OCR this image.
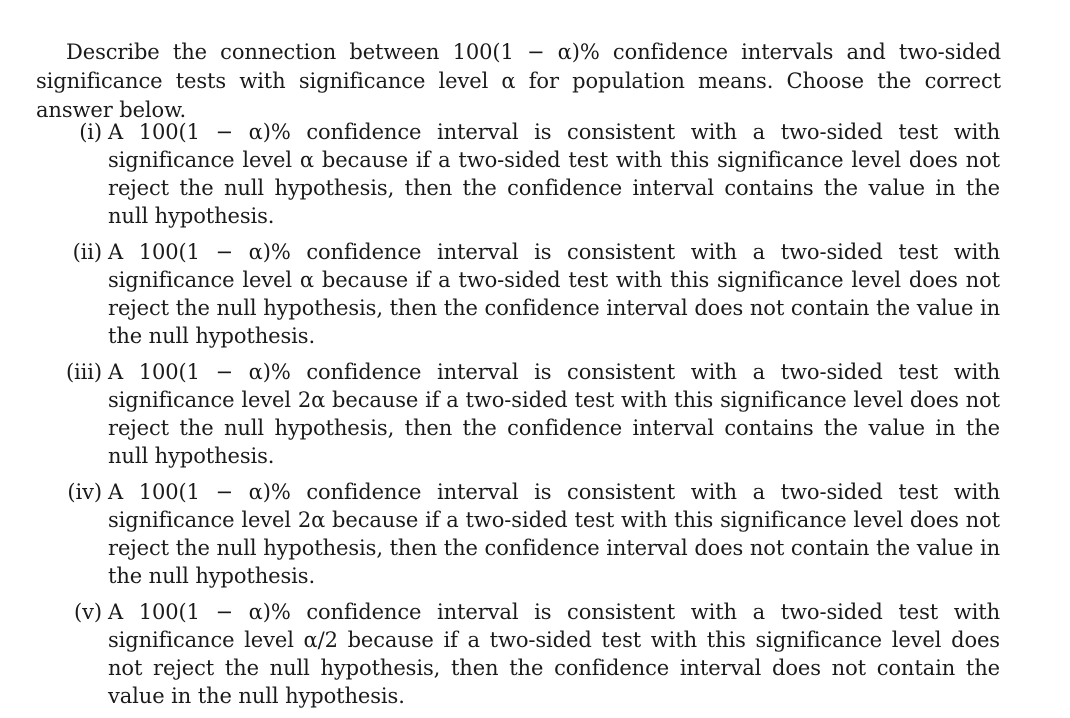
Describe the connection between 100(1 − α)% confidence intervals and two-sided significance tests with significance level α for population means. Choose the correct answer below.
(i) A 100(1 − α)% confidence interval is consistent with a two-sided test with significance level α because if a two-sided test with this significance level does not reject the null hypothesis, then the confidence interval contains the value in the null hypothesis.
(ii) A 100(1 − α)% confidence interval is consistent with a two-sided test with significance level α because if a two-sided test with this significance level does not reject the null hypothesis, then the confidence interval does not contain the value in the null hypothesis.
(iii) A 100(1 − α)% confidence interval is consistent with a two-sided test with significance level 2α because if a two-sided test with this significance level does not reject the null hypothesis, then the confidence interval contains the value in the null hypothesis.
(iv) A 100(1 − α)% confidence interval is consistent with a two-sided test with significance level 2α because if a two-sided test with this significance level does not reject the null hypothesis, then the confidence interval does not contain the value in the null hypothesis.
(v) A 100(1 − α)% confidence interval is consistent with a two-sided test with significance level α/2 because if a two-sided test with this significance level does not reject the null hypothesis, then the confidence interval does not contain the value in the null hypothesis.
